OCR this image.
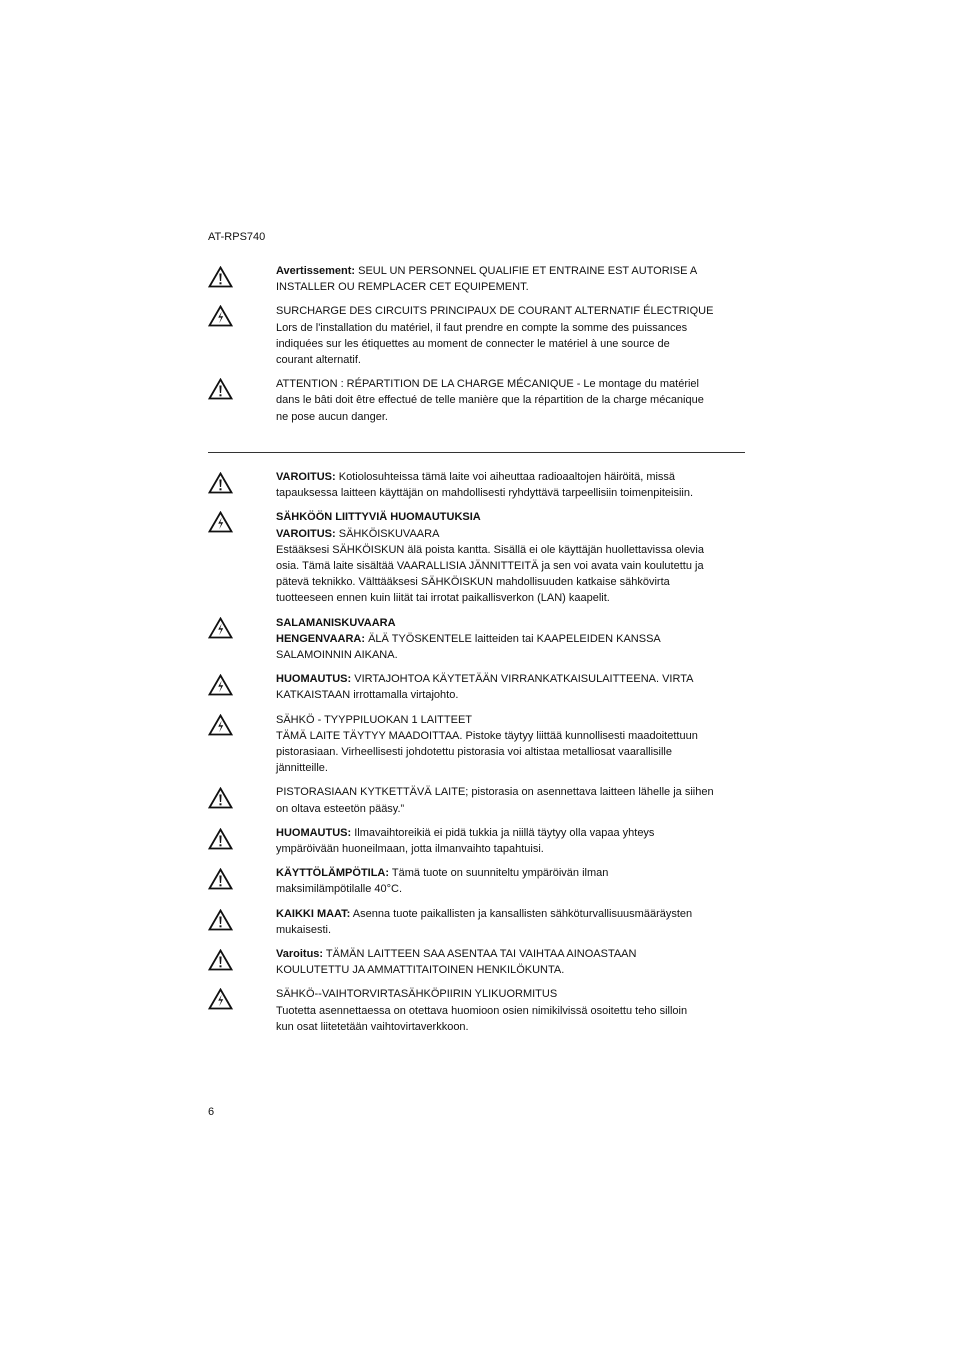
AT-RPS740
Avertissement: SEUL UN PERSONNEL QUALIFIE ET ENTRAINE EST AUTORISE A
INSTALLER OU REMPLACER CET EQUIPEMENT.
SURCHARGE DES CIRCUITS PRINCIPAUX DE COURANT ALTERNATIF ÉLECTRIQUE
Lors de l'installation du matériel, il faut prendre en compte la somme des puissances
indiquées sur les étiquettes au moment de connecter le matériel à une source de
courant alternatif.
ATTENTION : RÉPARTITION DE LA CHARGE MÉCANIQUE - Le montage du matériel
dans le bâti doit être effectué de telle manière que la répartition de la charge mécanique
ne pose aucun danger.
VAROITUS: Kotiolosuhteissa tämä laite voi aiheuttaa radioaaltojen häiröitä, missä
tapauksessa laitteen käyttäjän on mahdollisesti ryhdyttävä tarpeellisiin toimenpiteisiin.
SÄHKÖÖN LIITTYVIÄ HUOMAUTUKSIA
VAROITUS: SÄHKÖISKUVAARA
Estääksesi SÄHKÖISKUN älä poista kantta. Sisällä ei ole käyttäjän huollettavissa olevia
osia. Tämä laite sisältää VAARALLISIA JÄNNITTEITÄ ja sen voi avata vain koulutettu ja
pätevä teknikko. Välttääksesi SÄHKÖISKUN mahdollisuuden katkaise sähkövirta
tuotteeseen ennen kuin liität tai irrotat paikallisverkon (LAN) kaapelit.
SALAMANISKUVAARA
HENGENVAARA: ÄLÄ TYÖSKENTELE laitteiden tai KAAPELEIDEN KANSSA
SALAMOINNIN AIKANA.
HUOMAUTUS: VIRTAJOHTOA KÄYTETÄÄN VIRRANKATKAISULAITTEENA. VIRTA
KATKAISTAAN irrottamalla virtajohto.
SÄHKÖ - TYYPPILUOKAN 1 LAITTEET
TÄMÄ LAITE TÄYTYY MAADOITTAA. Pistoke täytyy liittää kunnollisesti maadoitettuun
pistorasiaan. Virheellisesti johdotettu pistorasia voi altistaa metalliosat vaarallisille
jännitteille.
PISTORASIAAN KYTKETTÄVÄ LAITE; pistorasia on asennettava laitteen lähelle ja siihen
on oltava esteetön pääsy.”
HUOMAUTUS: Ilmavaihtoreikiä ei pidä tukkia ja niillä täytyy olla vapaa yhteys
ympäröivään huoneilmaan, jotta ilmanvaihto tapahtuisi.
KÄYTTÖLÄMPÖTILA: Tämä tuote on suunniteltu ympäröivän ilman
maksimilämpötilalle 40°C.
KAIKKI MAAT: Asenna tuote paikallisten ja kansallisten sähköturvallisuusmääräysten
mukaisesti.
Varoitus: TÄMÄN LAITTEEN SAA ASENTAA TAI VAIHTAA AINOASTAAN
KOULUTETTU JA AMMATTITAITOINEN HENKILÖKUNTA.
SÄHKÖ--VAIHTORVIRTASÄHKÖPIIRIN YLIKUORMITUS
Tuotetta asennettaessa on otettava huomioon osien nimikilvissä osoitettu teho silloin
kun osat liitetetään vaihtovirtaverkkoon.
6
